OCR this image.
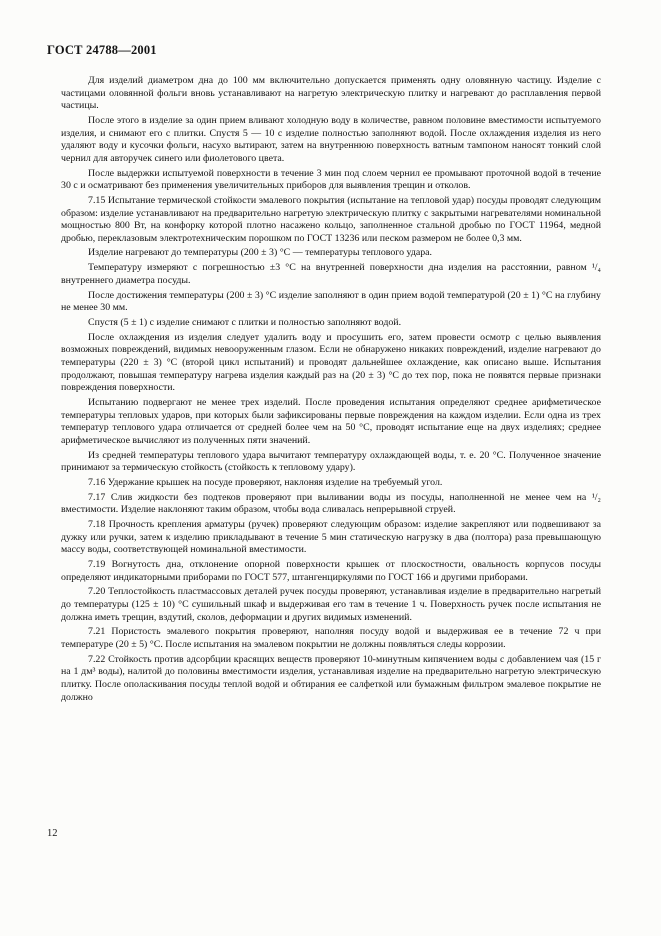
ГОСТ 24788—2001

Для изделий диаметром дна до 100 мм включительно допускается применять одну оловянную частицу. Изделие с частицами оловянной фольги вновь устанавливают на нагретую электрическую плитку и нагревают до расплавления первой частицы.

После этого в изделие за один прием вливают холодную воду в количестве, равном половине вместимости испытуемого изделия, и снимают его с плитки. Спустя 5 — 10 с изделие полностью заполняют водой. После охлаждения изделия из него удаляют воду и кусочки фольги, насухо вытирают, затем на внутреннюю поверхность ватным тампоном наносят тонкий слой чернил для авторучек синего или фиолетового цвета.

После выдержки испытуемой поверхности в течение 3 мин под слоем чернил ее промывают проточной водой в течение 30 с и осматривают без применения увеличительных приборов для выявления трещин и отколов.

7.15 Испытание термической стойкости эмалевого покрытия (испытание на тепловой удар) посуды проводят следующим образом: изделие устанавливают на предварительно нагретую электрическую плитку с закрытыми нагревателями номинальной мощностью 800 Вт, на конфорку которой плотно насажено кольцо, заполненное стальной дробью по ГОСТ 11964, медной дробью, переклазовым электротехническим порошком по ГОСТ 13236 или песком размером не более 0,3 мм.

Изделие нагревают до температуры (200 ± 3) °С — температуры теплового удара.

Температуру измеряют с погрешностью ±3 °С на внутренней поверхности дна изделия на расстоянии, равном ¹/₄ внутреннего диаметра посуды.

После достижения температуры (200 ± 3) °С изделие заполняют в один прием водой температурой (20 ± 1) °С на глубину не менее 30 мм.

Спустя (5 ± 1) с изделие снимают с плитки и полностью заполняют водой.

После охлаждения из изделия следует удалить воду и просушить его, затем провести осмотр с целью выявления возможных повреждений, видимых невооруженным глазом. Если не обнаружено никаких повреждений, изделие нагревают до температуры (220 ± 3) °С (второй цикл испытаний) и проводят дальнейшее охлаждение, как описано выше. Испытания продолжают, повышая температуру нагрева изделия каждый раз на (20 ± 3) °С до тех пор, пока не появятся первые признаки повреждения поверхности.

Испытанию подвергают не менее трех изделий. После проведения испытания определяют среднее арифметическое температуры тепловых ударов, при которых были зафиксированы первые повреждения на каждом изделии. Если одна из трех температур теплового удара отличается от средней более чем на 50 °С, проводят испытание еще на двух изделиях; среднее арифметическое вычисляют из полученных пяти значений.

Из средней температуры теплового удара вычитают температуру охлаждающей воды, т. е. 20 °С. Полученное значение принимают за термическую стойкость (стойкость к тепловому удару).

7.16 Удержание крышек на посуде проверяют, наклоняя изделие на требуемый угол.

7.17 Слив жидкости без подтеков проверяют при выливании воды из посуды, наполненной не менее чем на ¹/₂ вместимости. Изделие наклоняют таким образом, чтобы вода сливалась непрерывной струей.

7.18 Прочность крепления арматуры (ручек) проверяют следующим образом: изделие закрепляют или подвешивают за дужку или ручки, затем к изделию прикладывают в течение 5 мин статическую нагрузку в два (полтора) раза превышающую массу воды, соответствующей номинальной вместимости.

7.19 Вогнутость дна, отклонение опорной поверхности крышек от плоскостности, овальность корпусов посуды определяют индикаторными приборами по ГОСТ 577, штангенциркулями по ГОСТ 166 и другими приборами.

7.20 Теплостойкость пластмассовых деталей ручек посуды проверяют, устанавливая изделие в предварительно нагретый до температуры (125 ± 10) °С сушильный шкаф и выдерживая его там в течение 1 ч. Поверхность ручек после испытания не должна иметь трещин, вздутий, сколов, деформации и других видимых изменений.

7.21 Пористость эмалевого покрытия проверяют, наполняя посуду водой и выдерживая ее в течение 72 ч при температуре (20 ± 5) °С. После испытания на эмалевом покрытии не должны появляться следы коррозии.

7.22 Стойкость против адсорбции красящих веществ проверяют 10-минутным кипячением воды с добавлением чая (15 г на 1 дм³ воды), налитой до половины вместимости изделия, устанавливая изделие на предварительно нагретую электрическую плитку. После ополаскивания посуды теплой водой и обтирания ее салфеткой или бумажным фильтром эмалевое покрытие не должно

12
